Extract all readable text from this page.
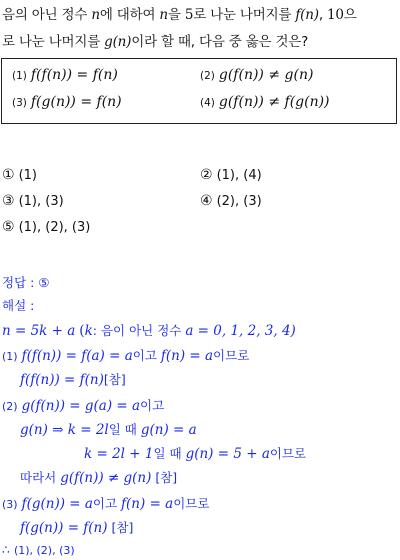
음의 아닌 정수 n에 대하여 n을 5로 나눈 나머지를 f(n), 10으
로 나눈 나머지를 g(n)이라 할 때, 다음 중 옳은 것은?
(1) f(f(n)) = f(n)	(2) g(f(n)) ≠ g(n)
(3) f(g(n)) = f(n)	(4) g(f(n)) ≠ f(g(n))
① (1)	② (1), (4)
③ (1), (3)	④ (2), (3)
⑤ (1), (2), (3)
정답 : ⑤
해설 :
n = 5k + a (k: 음이 아닌 정수 a = 0, 1, 2, 3, 4)
(1) f(f(n)) = f(a) = a이고 f(n) = a이므로
f(f(n)) = f(n)[참]
(2) g(f(n)) = g(a) = a이고
g(n) ⇒ k = 2l일 때 g(n) = a
k = 2l + 1일 때 g(n) = 5 + a이므로
따라서 g(f(n)) ≠ g(n) [참]
(3) f(g(n)) = a이고 f(n) = a이므로
f(g(n)) = f(n) [참]
∴ (1), (2), (3)
